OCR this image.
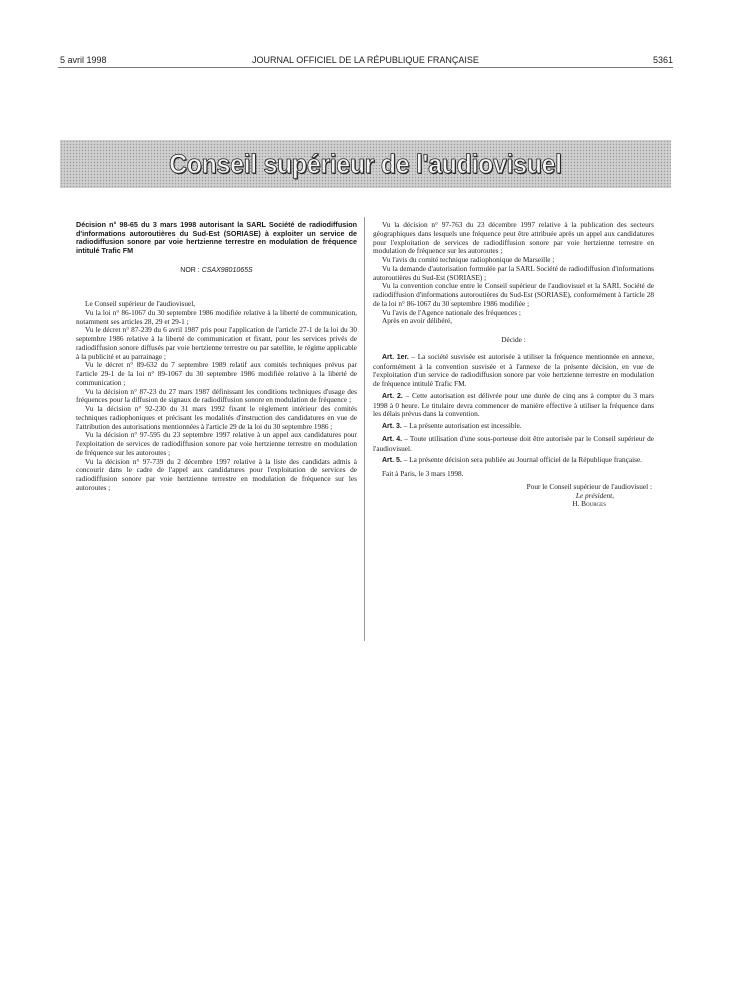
5 avril 1998	JOURNAL OFFICIEL DE LA RÉPUBLIQUE FRANÇAISE	5361
Conseil supérieur de l'audiovisuel
Décision n° 98-65 du 3 mars 1998 autorisant la SARL Société de radiodiffusion d'informations autoroutières du Sud-Est (SORIASE) à exploiter un service de radiodiffusion sonore par voie hertzienne terrestre en modulation de fréquence intitulé Trafic FM
NOR : CSAX9801065S

Le Conseil supérieur de l'audiovisuel,

Vu la loi n° 86-1067 du 30 septembre 1986 modifiée relative à la liberté de communication, notamment ses articles 28, 29 et 29-1 ;

Vu le décret n° 87-239 du 6 avril 1987 pris pour l'application de l'article 27-1 de la loi du 30 septembre 1986 relative à la liberté de communication et fixant, pour les services privés de radiodiffusion sonore diffusés par voie hertzienne terrestre ou par satellite, le régime applicable à la publicité et au parrainage ;

Vu le décret n° 89-632 du 7 septembre 1989 relatif aux comités techniques prévus par l'article 29-1 de la loi n° 89-1067 du 30 septembre 1986 modifiée relative à la liberté de communication ;

Vu la décision n° 87-23 du 27 mars 1987 définissant les conditions techniques d'usage des fréquences pour la diffusion de signaux de radiodiffusion sonore en modulation de fréquence ;

Vu la décision n° 92-230 du 31 mars 1992 fixant le règlement intérieur des comités techniques radiophoniques et précisant les modalités d'instruction des candidatures en vue de l'attribution des autorisations mentionnées à l'article 29 de la loi du 30 septembre 1986 ;

Vu la décision n° 97-595 du 23 septembre 1997 relative à un appel aux candidatures pour l'exploitation de services de radiodiffusion sonore par voie hertzienne terrestre en modulation de fréquence sur les autoroutes ;

Vu la décision n° 97-739 du 2 décembre 1997 relative à la liste des candidats admis à concourir dans le cadre de l'appel aux candidatures pour l'exploitation de services de radiodiffusion sonore par voie hertzienne terrestre en modulation de fréquence sur les autoroutes ;

Vu la décision n° 97-763 du 23 décembre 1997 relative à la publication des secteurs géographiques dans lesquels une fréquence peut être attribuée après un appel aux candidatures pour l'exploitation de services de radiodiffusion sonore par voie hertzienne terrestre en modulation de fréquence sur les autoroutes ;

Vu l'avis du comité technique radiophonique de Marseille ;

Vu la demande d'autorisation formulée par la SARL Société de radiodiffusion d'informations autoroutières du Sud-Est (SORIASE) ;

Vu la convention conclue entre le Conseil supérieur de l'audiovisuel et la SARL Société de radiodiffusion d'informations autoroutières du Sud-Est (SORIASE), conformément à l'article 28 de la loi n° 86-1067 du 30 septembre 1986 modifiée ;

Vu l'avis de l'Agence nationale des fréquences ;

Après en avoir délibéré,

Décide :

Art. 1er. – La société susvisée est autorisée à utiliser la fréquence mentionnée en annexe, conformément à la convention susvisée et à l'annexe de la présente décision, en vue de l'exploitation d'un service de radiodiffusion sonore par voie hertzienne terrestre en modulation de fréquence intitulé Trafic FM.

Art. 2. – Cette autorisation est délivrée pour une durée de cinq ans à compter du 3 mars 1998 à 0 heure. Le titulaire devra commencer de manière effective à utiliser la fréquence dans les délais prévus dans la convention.

Art. 3. – La présente autorisation est incessible.

Art. 4. – Toute utilisation d'une sous-porteuse doit être autorisée par le Conseil supérieur de l'audiovisuel.

Art. 5. – La présente décision sera publiée au Journal officiel de la République française.

Fait à Paris, le 3 mars 1998.

Pour le Conseil supérieur de l'audiovisuel :

Le président,

H. Bourges
